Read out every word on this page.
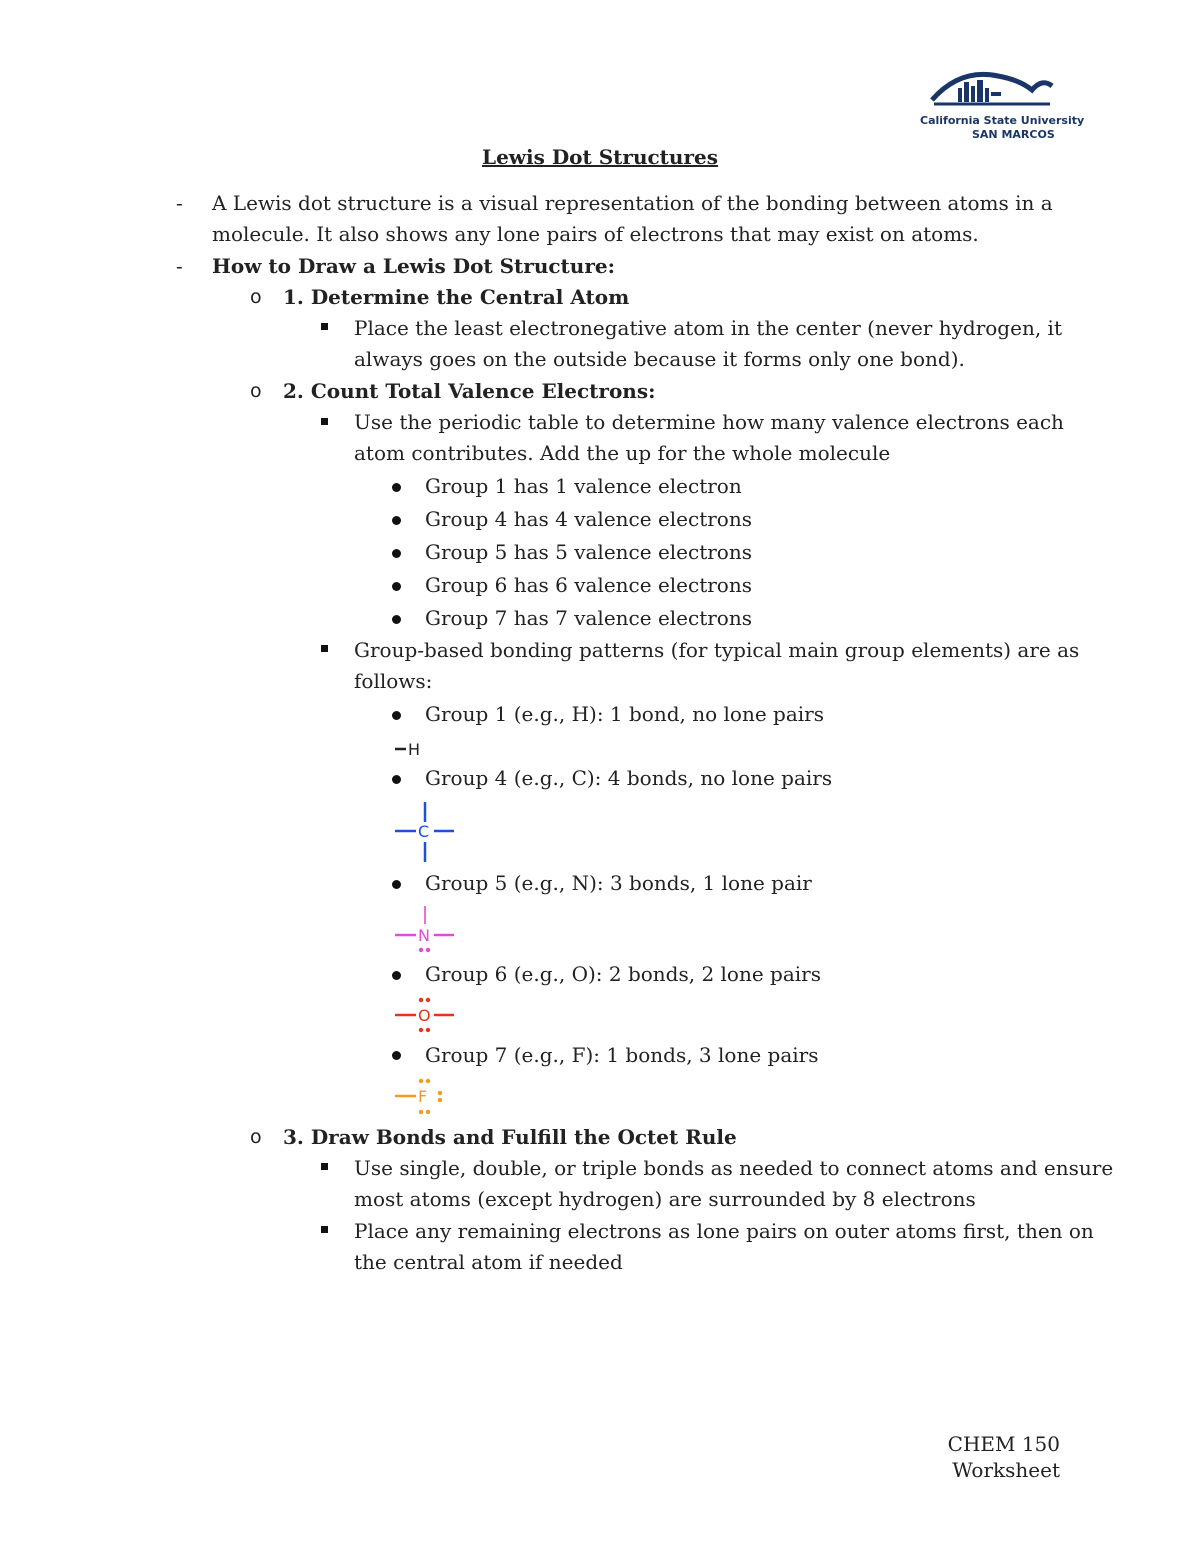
California State University
SAN MARCOS
Lewis Dot Structures
- A Lewis dot structure is a visual representation of the bonding between atoms in a
molecule. It also shows any lone pairs of electrons that may exist on atoms.
- How to Draw a Lewis Dot Structure:
o 1. Determine the Central Atom
Place the least electronegative atom in the center (never hydrogen, it
always goes on the outside because it forms only one bond).
o 2. Count Total Valence Electrons:
Use the periodic table to determine how many valence electrons each
atom contributes. Add the up for the whole molecule
Group 1 has 1 valence electron
Group 4 has 4 valence electrons
Group 5 has 5 valence electrons
Group 6 has 6 valence electrons
Group 7 has 7 valence electrons
Group-based bonding patterns (for typical main group elements) are as
follows:
Group 1 (e.g., H): 1 bond, no lone pairs
H
Group 4 (e.g., C): 4 bonds, no lone pairs
C
Group 5 (e.g., N): 3 bonds, 1 lone pair
N
Group 6 (e.g., O): 2 bonds, 2 lone pairs
O
Group 7 (e.g., F): 1 bonds, 3 lone pairs
F
o 3. Draw Bonds and Fulfill the Octet Rule
Use single, double, or triple bonds as needed to connect atoms and ensure
most atoms (except hydrogen) are surrounded by 8 electrons
Place any remaining electrons as lone pairs on outer atoms first, then on
the central atom if needed
CHEM 150
Worksheet
